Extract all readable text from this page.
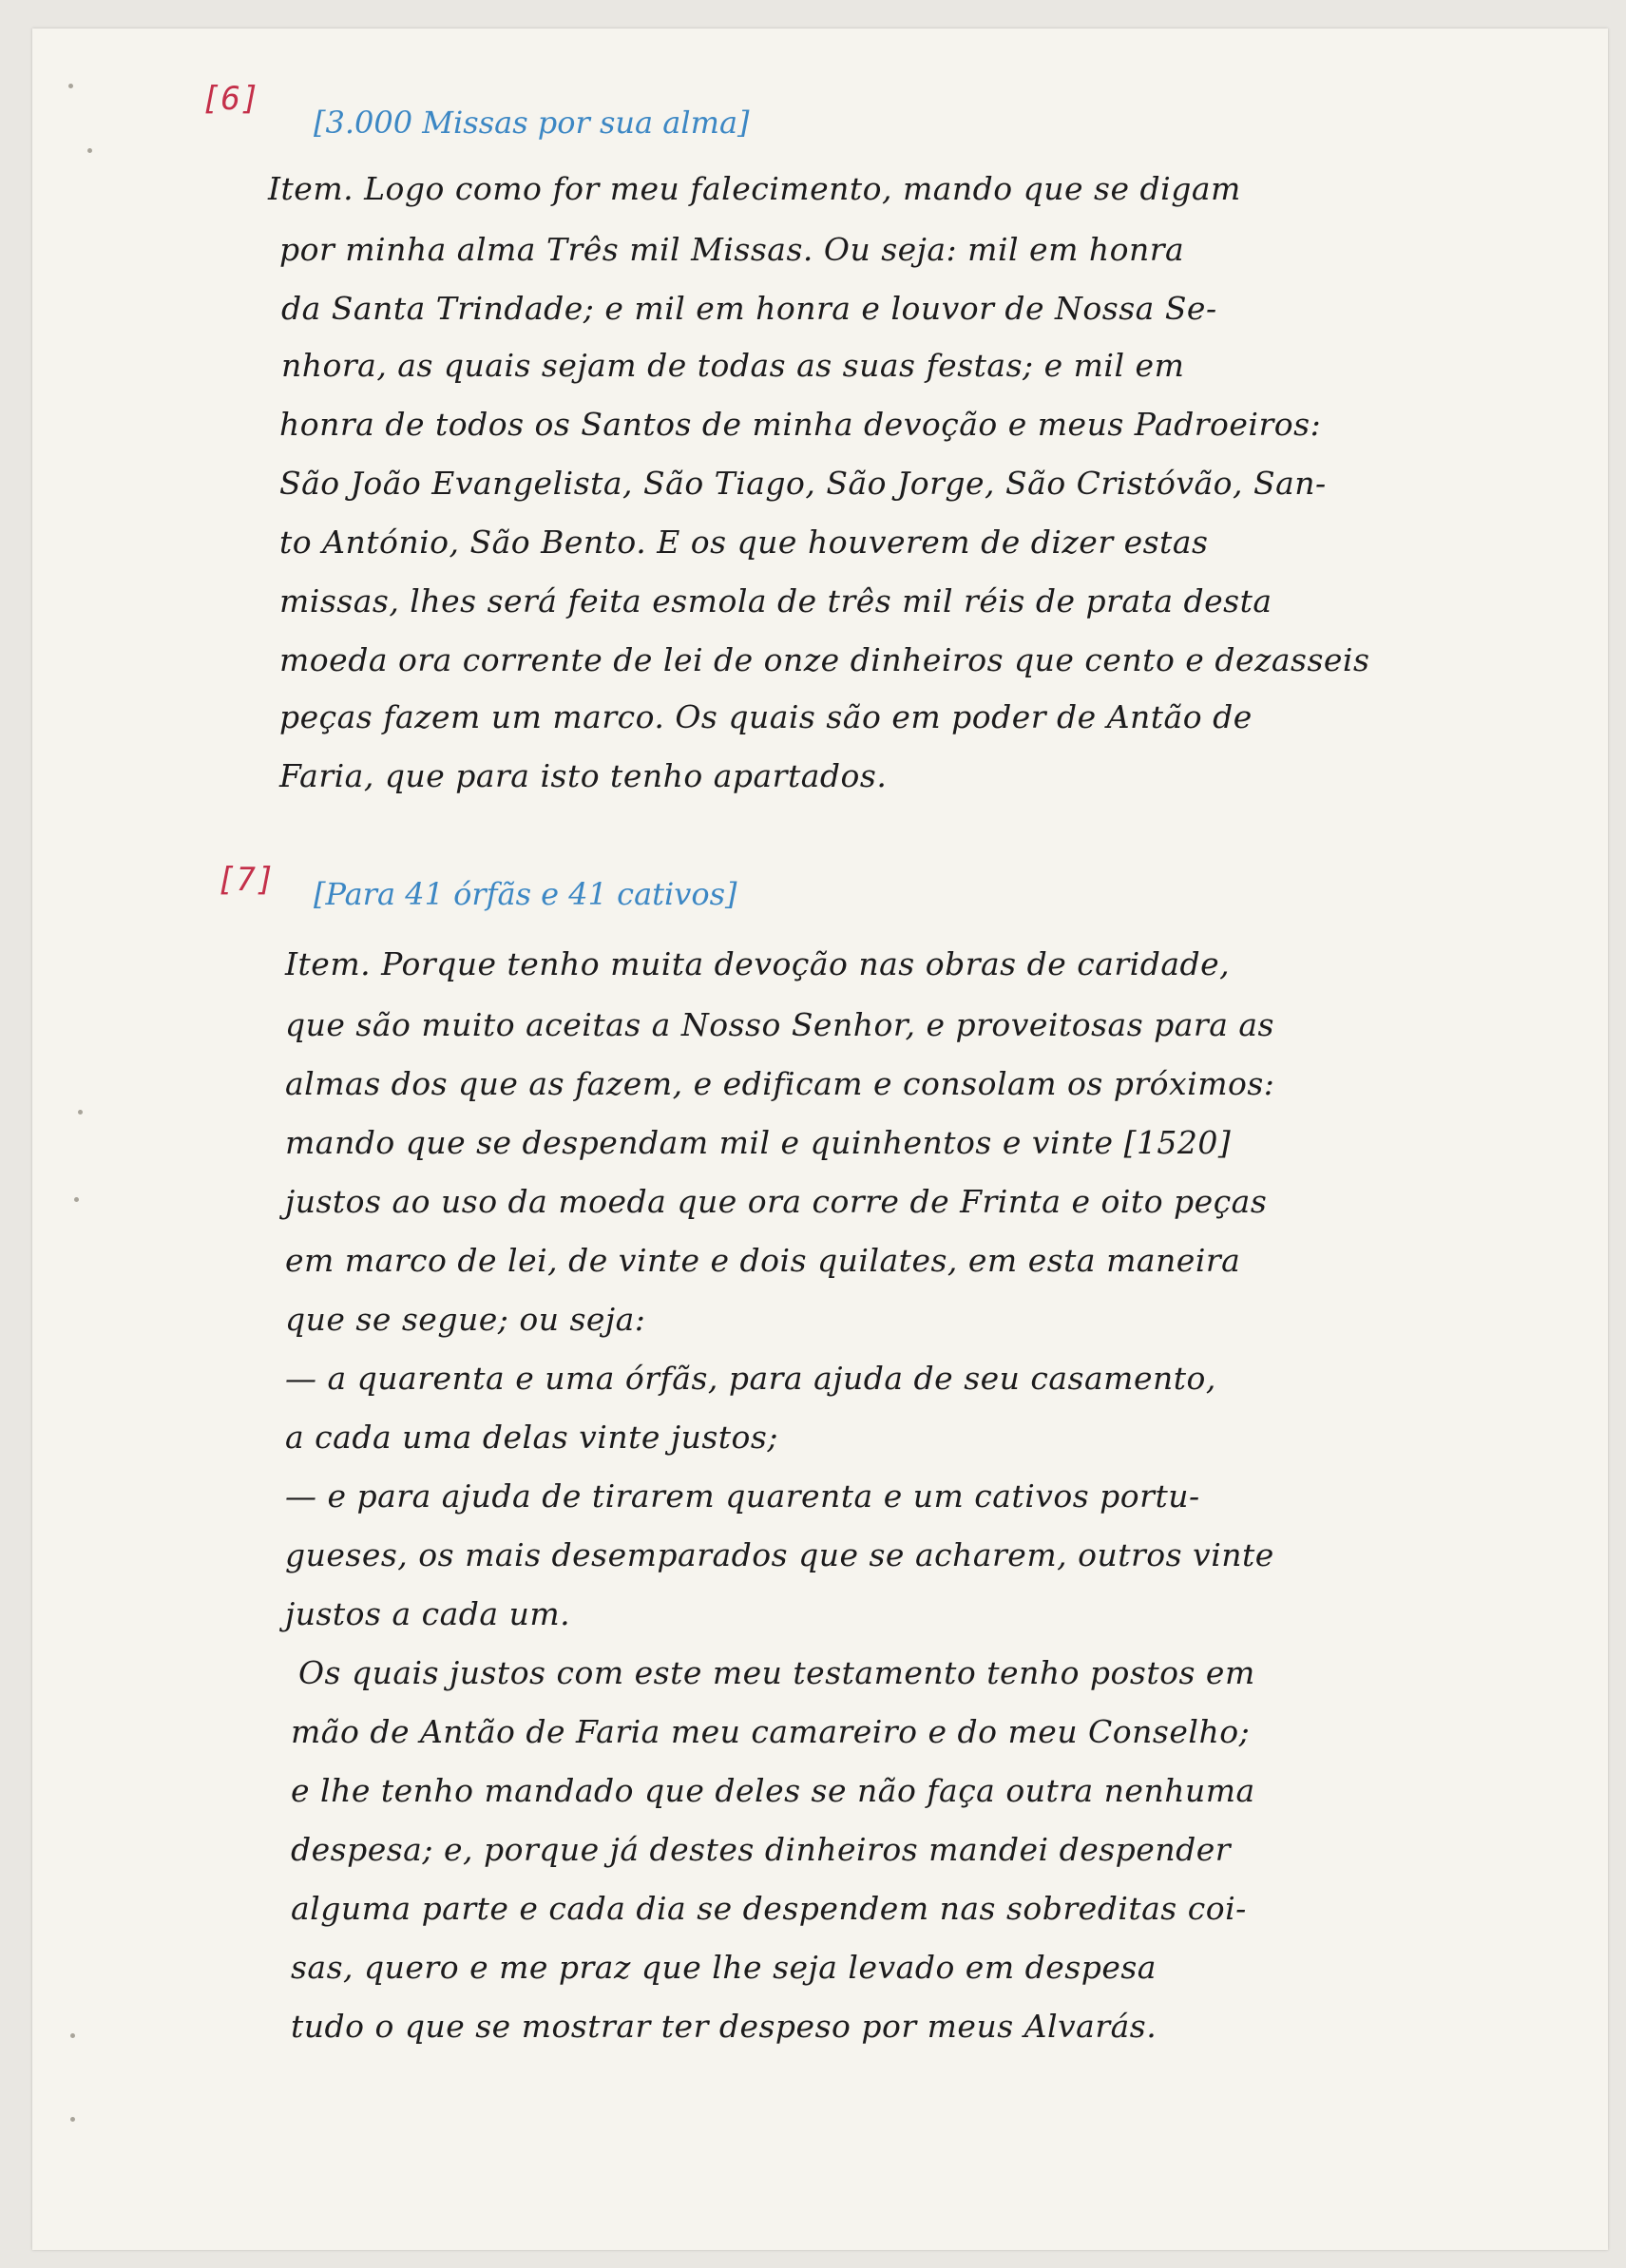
[6]
[3.000 Missas por sua alma]
Item. Logo como for meu falecimento, mando que se digam
por minha alma Três mil Missas. Ou seja: mil em honra
da Santa Trindade; e mil em honra e louvor de Nossa Se-
nhora, as quais sejam de todas as suas festas; e mil em
honra de todos os Santos de minha devoção e meus Padroeiros:
São João Evangelista, São Tiago, São Jorge, São Cristóvão, San-
to António, São Bento. E os que houverem de dizer estas
missas, lhes será feita esmola de três mil réis de prata desta
moeda ora corrente de lei de onze dinheiros que cento e dezasseis
peças fazem um marco. Os quais são em poder de Antão de
Faria, que para isto tenho apartados.
[7] [Para 41 órfãs e 41 cativos]
Item. Porque tenho muita devoção nas obras de caridade,
que são muito aceitas a Nosso Senhor, e proveitosas para as
almas dos que as fazem, e edificam e consolam os próximos:
mando que se despendam mil e quinhentos e vinte [1520]
justos ao uso da moeda que ora corre de Frinta e oito peças
em marco de lei, de vinte e dois quilates, em esta maneira
que se segue; ou seja:
— a quarenta e uma órfãs, para ajuda de seu casamento,
a cada uma delas vinte justos;
— e para ajuda de tirarem quarenta e um cativos portu-
gueses, os mais desemparados que se acharem, outros vinte
justos a cada um.
Os quais justos com este meu testamento tenho postos em
mão de Antão de Faria meu camareiro e do meu Conselho;
e lhe tenho mandado que deles se não faça outra nenhuma
despesa; e, porque já destes dinheiros mandei despender
alguma parte e cada dia se despendem nas sobreditas coi-
sas, quero e me praz que lhe seja levado em despesa
tudo o que se mostrar ter despeso por meus Alvarás.
